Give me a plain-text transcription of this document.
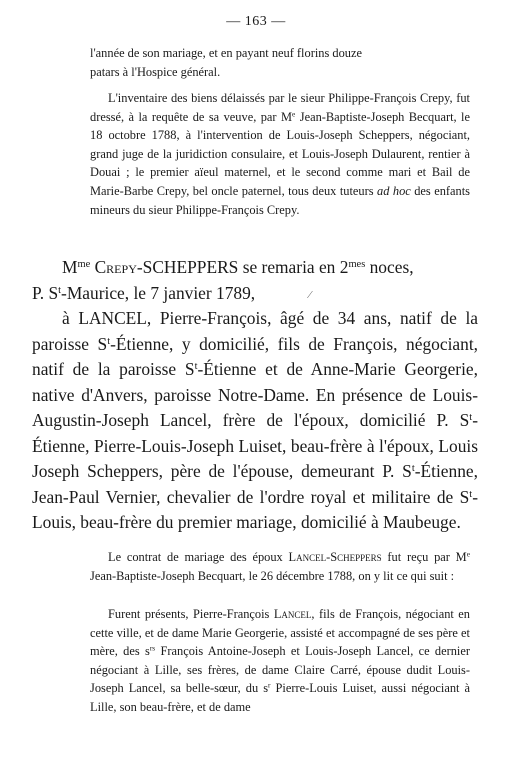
— 163 —

l'année de son mariage, et en payant neuf florins douze

patars à l'Hospice général.

L'inventaire des biens délaissés par le sieur Philippe-François Crepy, fut dressé, à la requête de sa veuve, par Me Jean-Baptiste-Joseph Becquart, le 18 octobre 1788, à l'intervention de Louis-Joseph Scheppers, négociant, grand juge de la juridiction consulaire, et Louis-Joseph Dulaurent, rentier à Douai ; le premier aïeul maternel, et le second comme mari et Bail de Marie-Barbe Crepy, bel oncle paternel, tous deux tuteurs ad hoc des enfants mineurs du sieur Philippe-François Crepy.

$M^{me}$ Crepy-SCHEPPERS se remaria en $2^{mes}$ noces,

P. $S^t$-Maurice, le 7 janvier 1789,	⁄

à LANCEL, Pierre-François, âgé de 34 ans, natif de la paroisse $S^t$-Étienne, y domicilié, fils de François, négociant, natif de la paroisse $S^t$-Étienne et de Anne-Marie Georgerie, native d'Anvers, paroisse Notre-Dame. En présence de Louis-Augustin-Joseph Lancel, frère de l'époux, domicilié P. $S^t$-Étienne, Pierre-Louis-Joseph Luiset, beau-frère à l'époux, Louis Joseph Scheppers, père de l'épouse, demeurant P. $S^t$-Étienne, Jean-Paul Vernier, chevalier de l'ordre royal et militaire de $S^t$-Louis, beau-frère du premier mariage, domicilié à Maubeuge.

Le contrat de mariage des époux Lancel-Scheppers fut reçu par Me Jean-Baptiste-Joseph Becquart, le 26 décembre 1788, on y lit ce qui suit :

Furent présents, Pierre-François Lancel, fils de François, négociant en cette ville, et de dame Marie Georgerie, assisté et accompagné de ses père et mère, des $s^{rs}$ François Antoine-Joseph et Louis-Joseph Lancel, ce dernier négociant à Lille, ses frères, de dame Claire Carré, épouse dudit Louis-Joseph Lancel, sa belle-sœur, du $s^r$ Pierre-Louis Luiset, aussi négociant à Lille, son beau-frère, et de dame
